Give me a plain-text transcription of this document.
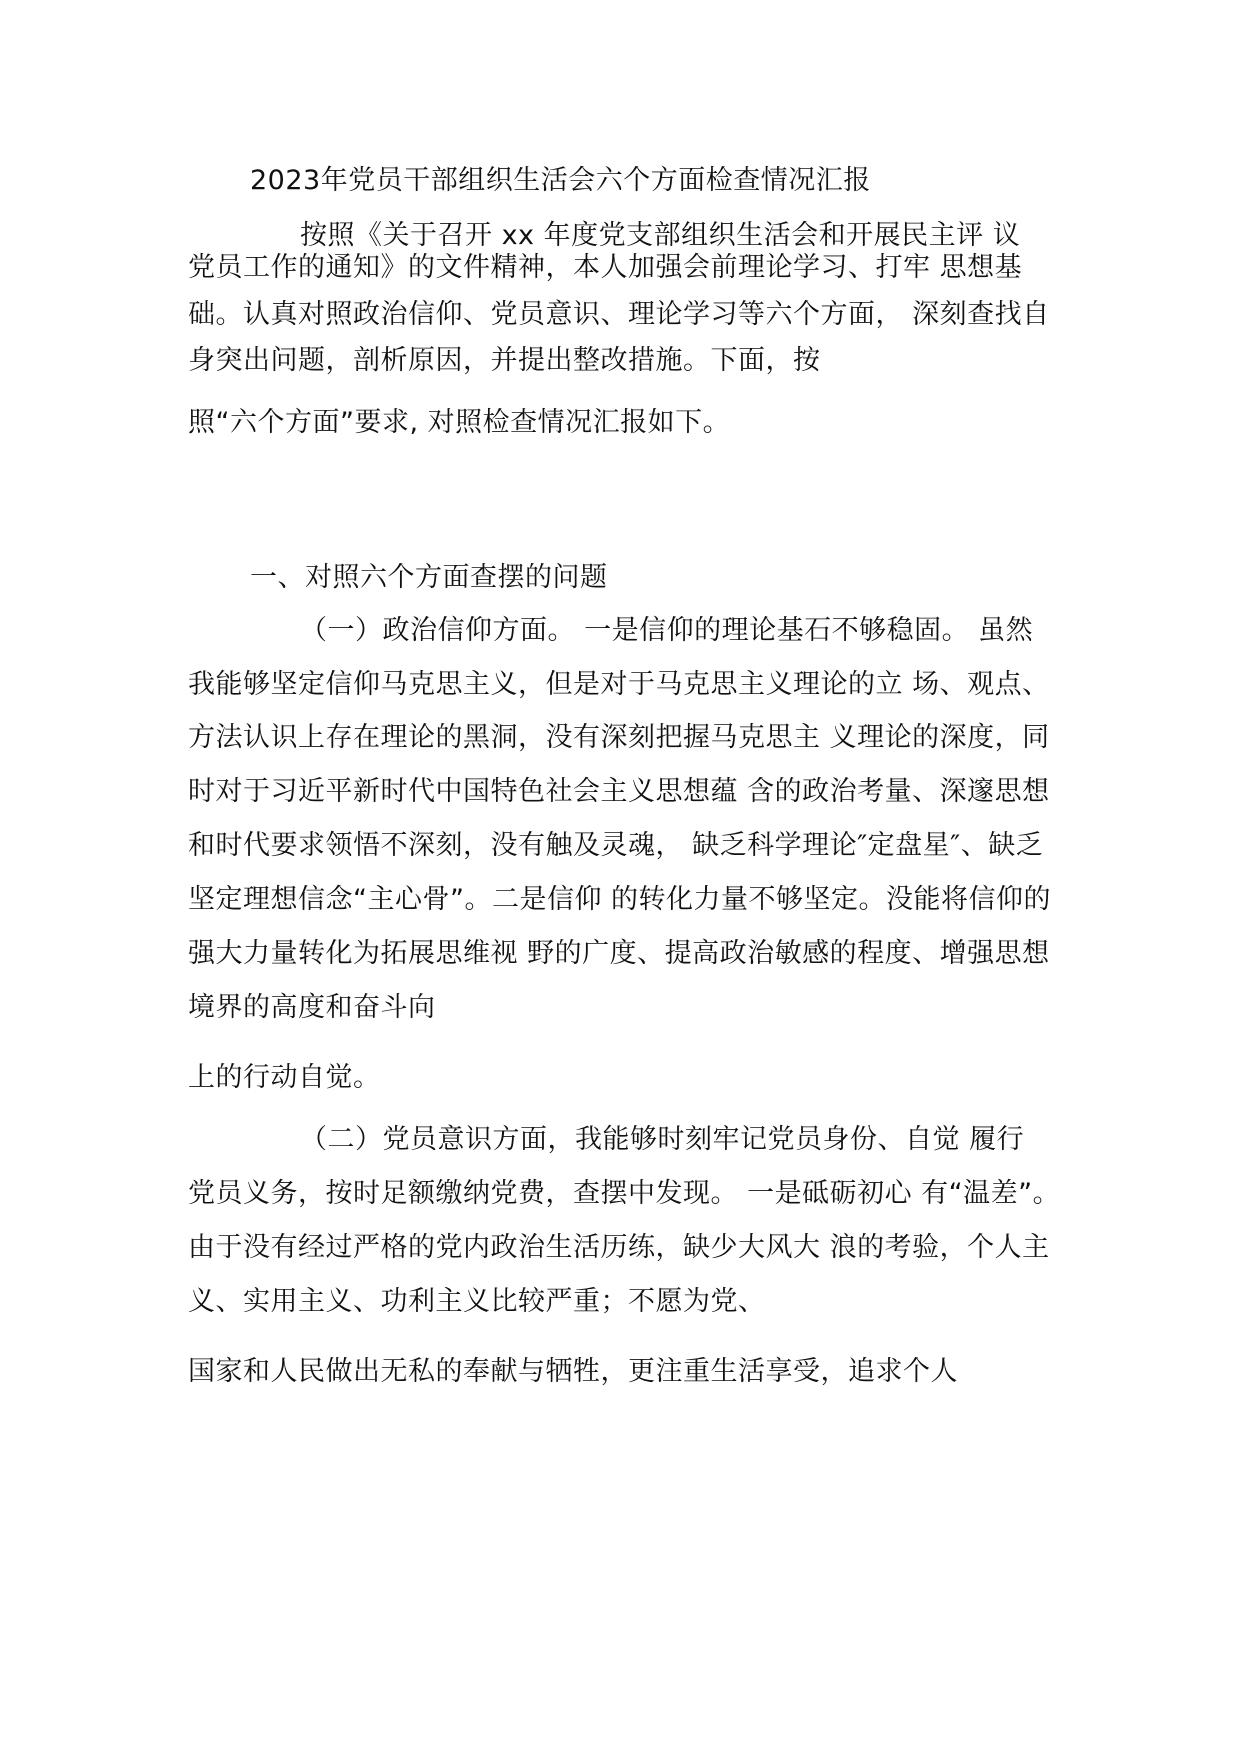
2023年党员干部组织生活会六个方面检查情况汇报
按照《关于召开 xx 年度党支部组织生活会和开展民主评 议
党员工作的通知》的文件精神，本人加强会前理论学习、打牢 思想基
础。认真对照政治信仰、党员意识、理论学习等六个方面， 深刻查找自
身突出问题，剖析原因，并提出整改措施。下面，按
照“六个方面”要求, 对照检查情况汇报如下。
一、对照六个方面查摆的问题
（一）政治信仰方面。 一是信仰的理论基石不够稳固。 虽然
我能够坚定信仰马克思主义，但是对于马克思主义理论的立 场、观点、
方法认识上存在理论的黑洞，没有深刻把握马克思主 义理论的深度，同
时对于习近平新时代中国特色社会主义思想蕴 含的政治考量、深邃思想
和时代要求领悟不深刻，没有触及灵魂， 缺乏科学理论″定盘星″、缺乏
坚定理想信念“主心骨”。二是信仰 的转化力量不够坚定。没能将信仰的
强大力量转化为拓展思维视 野的广度、提高政治敏感的程度、增强思想
境界的高度和奋斗向
上的行动自觉。
（二）党员意识方面，我能够时刻牢记党员身份、自觉 履行
党员义务，按时足额缴纳党费，查摆中发现。 一是砥砺初心 有“温差”。
由于没有经过严格的党内政治生活历练，缺少大风大 浪的考验，个人主
义、实用主义、功利主义比较严重；不愿为党、
国家和人民做出无私的奉献与牺牲，更注重生活享受，追求个人
